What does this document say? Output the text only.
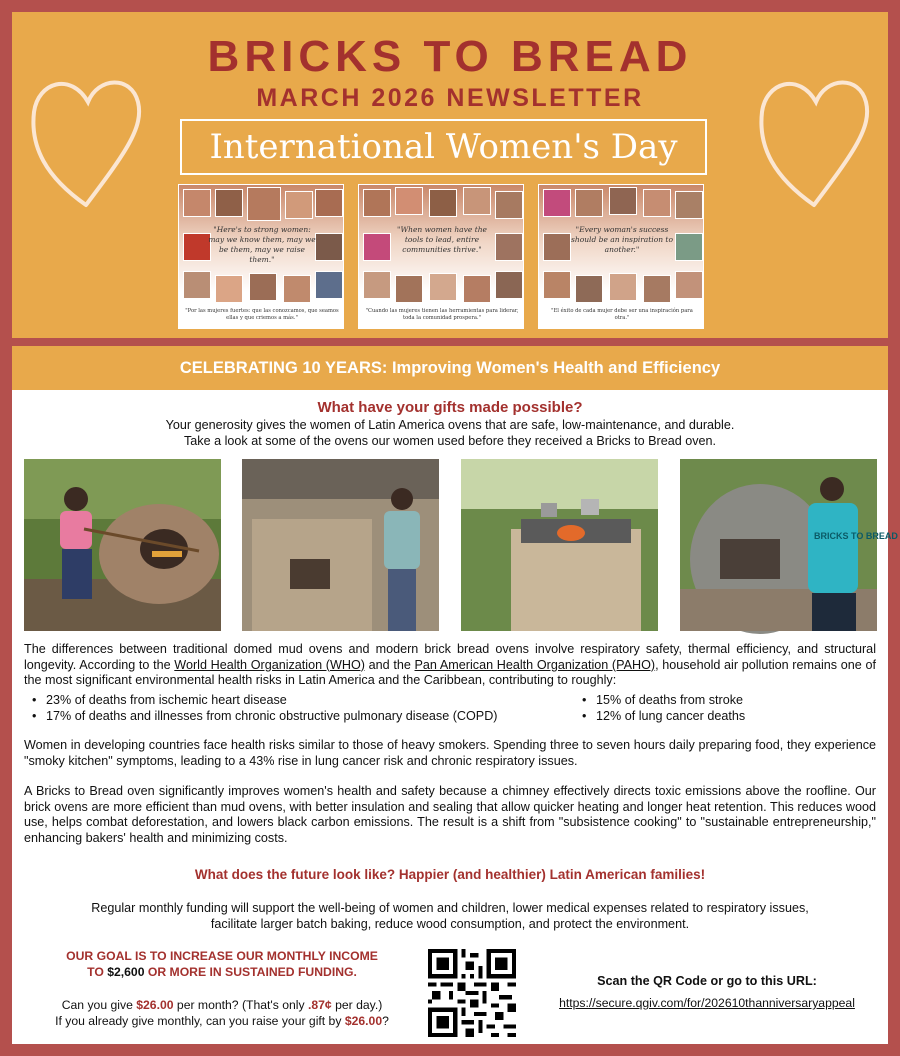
BRICKS TO BREAD
MARCH 2026 NEWSLETTER
International Women's Day
"Here's to strong women: may we know them, may we be them, may we raise them."
"Por las mujeres fuertes: que las conozcamos, que seamos ellas y que criemos a más."
"When women have the tools to lead, entire communities thrive."
"Cuando las mujeres tienen las herramientas para liderar, toda la comunidad prospera."
"Every woman's success should be an inspiration to another."
"El éxito de cada mujer debe ser una inspiración para otra."
CELEBRATING 10 YEARS: Improving Women's Health and Efficiency
What have your gifts made possible?
Your generosity gives the women of Latin America ovens that are safe, low-maintenance, and durable.
Take a look at some of the ovens our women used before they received a Bricks to Bread oven.
BRICKS TO BREAD
The differences between traditional domed mud ovens and modern brick bread ovens involve respiratory safety, thermal efficiency, and structural longevity. According to the World Health Organization (WHO) and the Pan American Health Organization (PAHO), household air pollution remains one of the most significant environmental health risks in Latin America and the Caribbean, contributing to roughly:
• 23% of deaths from ischemic heart disease
• 17% of deaths and illnesses from chronic obstructive pulmonary disease (COPD)
• 15% of deaths from stroke
• 12% of lung cancer deaths
Women in developing countries face health risks similar to those of heavy smokers. Spending three to seven hours daily preparing food, they experience "smoky kitchen" symptoms, leading to a 43% rise in lung cancer risk and chronic respiratory issues.
A Bricks to Bread oven significantly improves women's health and safety because a chimney effectively directs toxic emissions above the roofline. Our brick ovens are more efficient than mud ovens, with better insulation and sealing that allow quicker heating and longer heat retention. This reduces wood use, helps combat deforestation, and lowers black carbon emissions. The result is a shift from "subsistence cooking" to "sustainable entrepreneurship," enhancing bakers' health and minimizing costs.
What does the future look like? Happier (and healthier) Latin American families!
Regular monthly funding will support the well-being of women and children, lower medical expenses related to respiratory issues,
facilitate larger batch baking, reduce wood consumption, and protect the environment.
OUR GOAL IS TO INCREASE OUR MONTHLY INCOME
TO $2,600 OR MORE IN SUSTAINED FUNDING.
Can you give $26.00 per month? (That's only .87¢ per day.)
If you already give monthly, can you raise your gift by $26.00?
Scan the QR Code or go to this URL:
https://secure.qgiv.com/for/202610thanniversaryappeal
